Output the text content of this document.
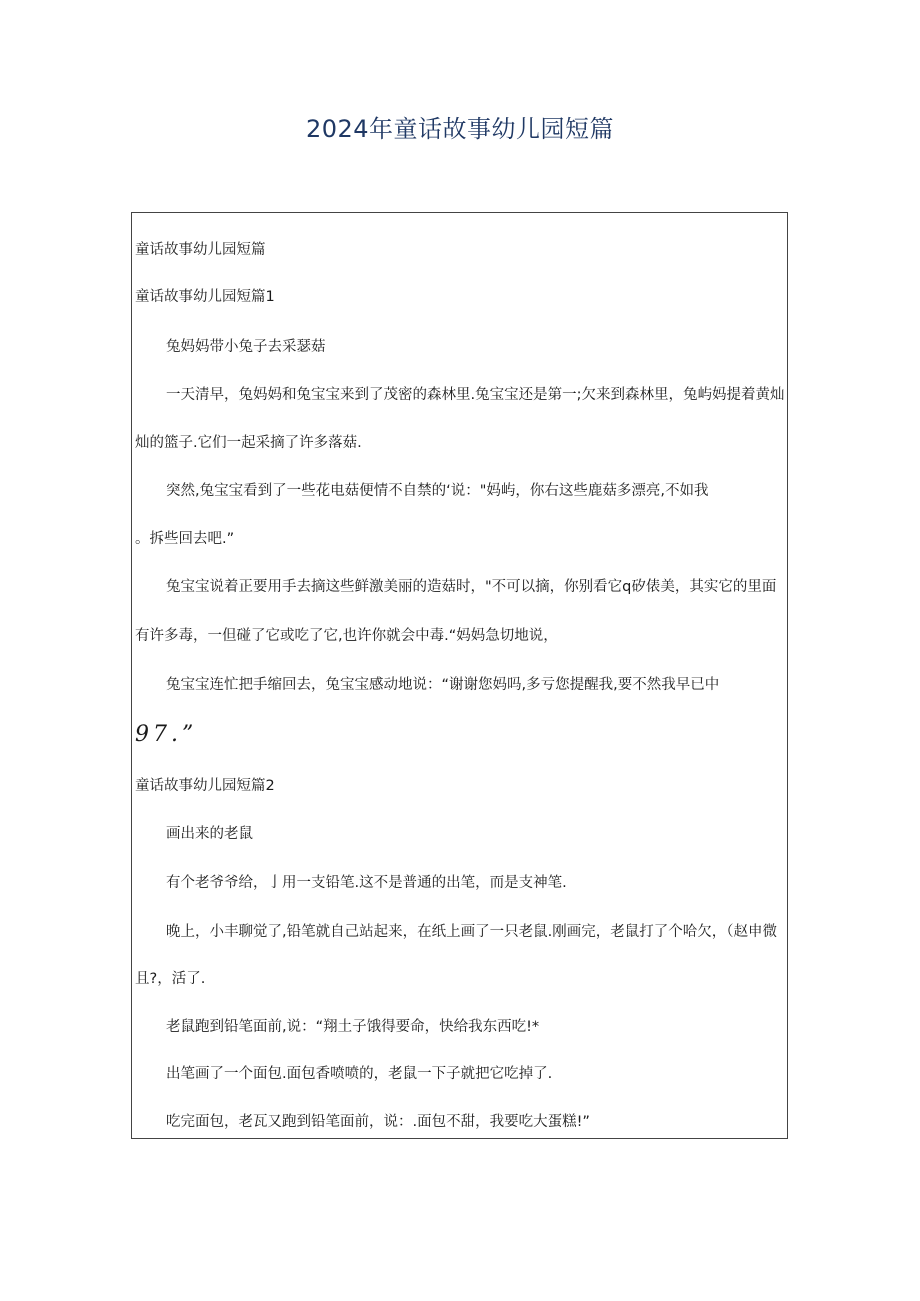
2024年童话故事幼儿园短篇
童话故事幼儿园短篇
童话故事幼儿园短篇1
兔妈妈带小兔子去采瑟菇
一天清早，兔妈妈和兔宝宝来到了茂密的森林里.兔宝宝还是第一;欠来到森林里，兔屿妈提着黄灿
灿的篮子.它们一起采摘了许多落菇.
突然,兔宝宝看到了一些花电菇便情不自禁的‘说："妈屿，你右这些鹿菇多漂亮,不如我
。拆些回去吧.”
兔宝宝说着正要用手去摘这些鲜激美丽的造菇时，"不可以摘，你别看它q矽俵美，其实它的里面
有许多毒，一但碰了它或吃了它,也许你就会中毒.“妈妈急切地说，
兔宝宝连忙把手缩回去，兔宝宝感动地说：“谢谢您妈吗,多亏您提醒我,要不然我早已中
97.”
童话故事幼儿园短篇2
画出来的老鼠
有个老爷爷给，亅用一支铅笔.这不是普通的出笔，而是支神笔.
晚上，小丰聊觉了,铅笔就自己站起来，在纸上画了一只老鼠.刚画完，老鼠打了个哈欠，（赵申微
且?，活了.
老鼠跑到铅笔面前,说：“翔土子饿得要命，快给我东西吃!*
出笔画了一个面包.面包香喷喷的，老鼠一下子就把它吃掉了.
吃完面包，老瓦又跑到铅笔面前，说：.面包不甜，我要吃大蛋糕!”
